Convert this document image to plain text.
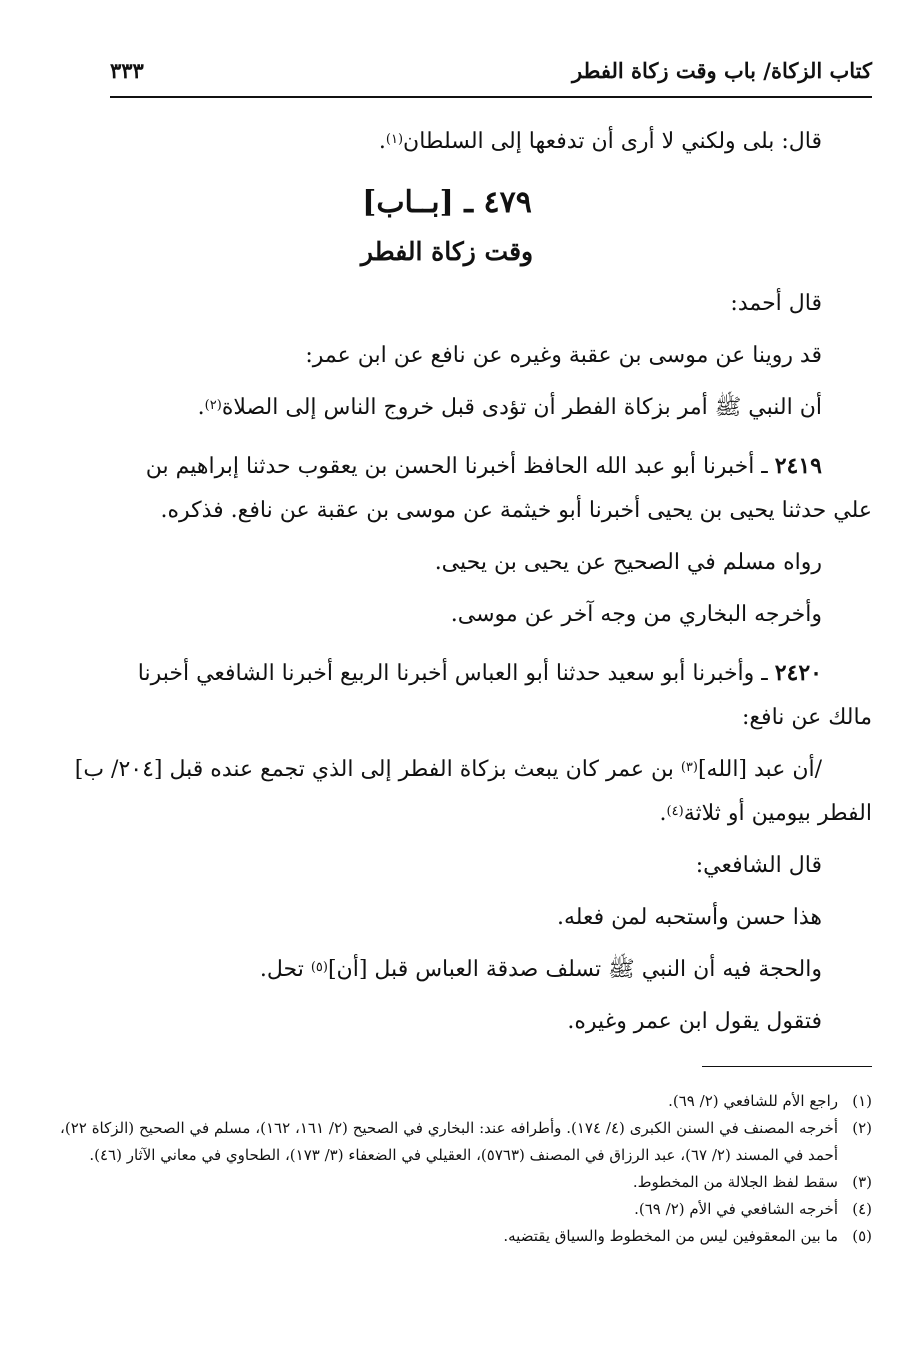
كتاب الزكاة/ باب وقت زكاة الفطر
٣٣٣

قال: بلى ولكني لا أرى أن تدفعها إلى السلطان$^{(١)}$.

٤٧٩ ـ [بــاب]
وقت زكاة الفطر

قال أحمد:

قد روينا عن موسى بن عقبة وغيره عن نافع عن ابن عمر:

أن النبي ﷺ أمر بزكاة الفطر أن تؤدى قبل خروج الناس إلى الصلاة$^{(٢)}$.

٢٤١٩ ـ أخبرنا أبو عبد الله الحافظ أخبرنا الحسن بن يعقوب حدثنا إبراهيم بن

علي حدثنا يحيى بن يحيى أخبرنا أبو خيثمة عن موسى بن عقبة عن نافع. فذكره.

رواه مسلم في الصحيح عن يحيى بن يحيى.

وأخرجه البخاري من وجه آخر عن موسى.

٢٤٢٠ ـ وأخبرنا أبو سعيد حدثنا أبو العباس أخبرنا الربيع أخبرنا الشافعي أخبرنا

مالك عن نافع:

/أن عبد [الله]$^{(٣)}$ بن عمر كان يبعث بزكاة الفطر إلى الذي تجمع عنده قبل [٢٠٤/ ب]

الفطر بيومين أو ثلاثة$^{(٤)}$.

قال الشافعي:

هذا حسن وأستحبه لمن فعله.

والحجة فيه أن النبي ﷺ تسلف صدقة العباس قبل [أن]$^{(٥)}$ تحل.

فتقول يقول ابن عمر وغيره.

(١)
راجع الأم للشافعي (٢/ ٦٩).
(٢)
أخرجه المصنف في السنن الكبرى (٤/ ١٧٤). وأطرافه عند: البخاري في الصحيح (٢/ ١٦١، ١٦٢)، مسلم في الصحيح (الزكاة ٢٢)، أحمد في المسند (٢/ ٦٧)، عبد الرزاق في المصنف (٥٧٦٣)، العقيلي في الضعفاء (٣/ ١٧٣)، الطحاوي في معاني الآثار (٤٦).
(٣)
سقط لفظ الجلالة من المخطوط.
(٤)
أخرجه الشافعي في الأم (٢/ ٦٩).
(٥)
ما بين المعقوفين ليس من المخطوط والسياق يقتضيه.
